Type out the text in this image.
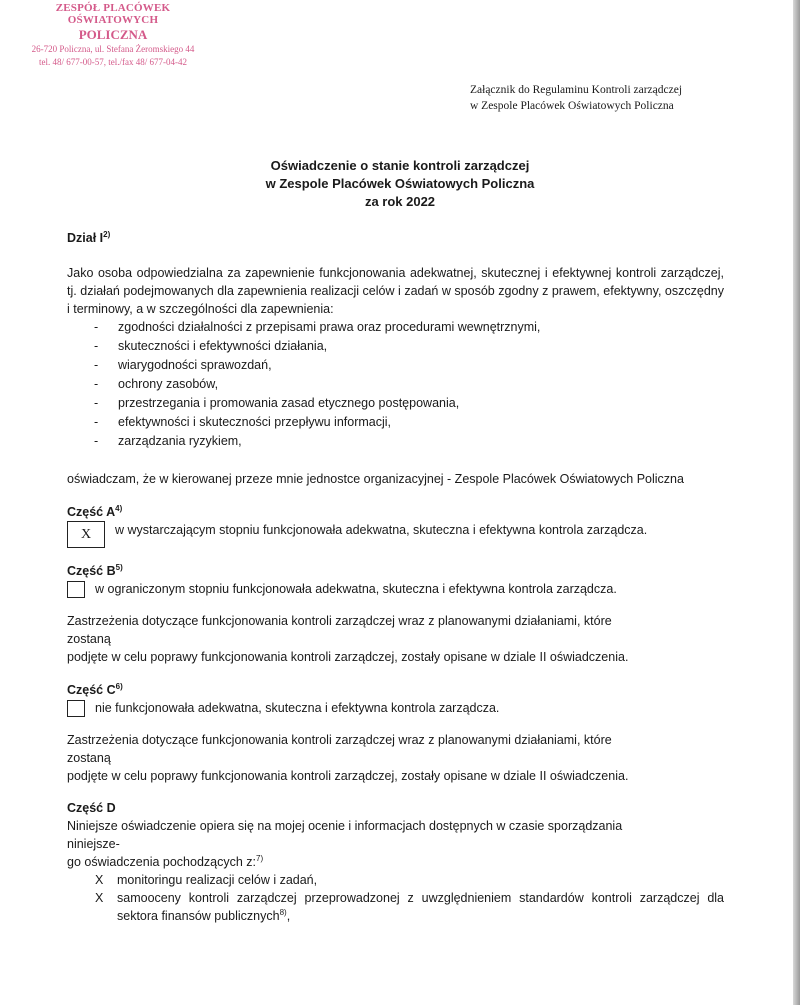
ZESPÓŁ PLACÓWEK OŚWIATOWYCH
POLICZNA
26-720 Policzna, ul. Stefana Żeromskiego 44
tel. 48/ 677-00-57, tel./fax 48/ 677-04-42
Załącznik do Regulaminu Kontroli zarządczej
w Zespole Placówek Oświatowych Policzna
Oświadczenie o stanie kontroli zarządczej
w Zespole Placówek Oświatowych Policzna
za rok 2022
Dział $I^{2)}$
Jako osoba odpowiedzialna za zapewnienie funkcjonowania adekwatnej, skutecznej i efektywnej kontroli zarządczej, tj. działań podejmowanych dla zapewnienia realizacji celów i zadań w sposób zgodny z prawem, efektywny, oszczędny i terminowy, a w szczególności dla zapewnienia:
- zgodności działalności z przepisami prawa oraz procedurami wewnętrznymi,
- skuteczności i efektywności działania,
- wiarygodności sprawozdań,
- ochrony zasobów,
- przestrzegania i promowania zasad etycznego postępowania,
- efektywności i skuteczności przepływu informacji,
- zarządzania ryzykiem,
oświadczam, że w kierowanej przeze mnie jednostce organizacyjnej - Zespole Placówek Oświatowych Policzna
Część $A^{4)}$
X	w wystarczającym stopniu funkcjonowała adekwatna, skuteczna i efektywna kontrola zarządcza.
Część $B^{5)}$
w ograniczonym stopniu funkcjonowała adekwatna, skuteczna i efektywna kontrola zarządcza.
Zastrzeżenia dotyczące funkcjonowania kontroli zarządczej wraz z planowanymi działaniami, które
zostaną
podjęte w celu poprawy funkcjonowania kontroli zarządczej, zostały opisane w dziale II oświadczenia.
Część $C^{6)}$
nie funkcjonowała adekwatna, skuteczna i efektywna kontrola zarządcza.
Zastrzeżenia dotyczące funkcjonowania kontroli zarządczej wraz z planowanymi działaniami, które
zostaną
podjęte w celu poprawy funkcjonowania kontroli zarządczej, zostały opisane w dziale II oświadczenia.
Część D
Niniejsze oświadczenie opiera się na mojej ocenie i informacjach dostępnych w czasie sporządzania
niniejsze-
go oświadczenia pochodzących z:$^{7)}$
X monitoringu realizacji celów i zadań,
X samooceny kontroli zarządczej przeprowadzonej z uwzględnieniem standardów kontroli zarządczej dla sektora finansów publicznych$^{8)}$,
